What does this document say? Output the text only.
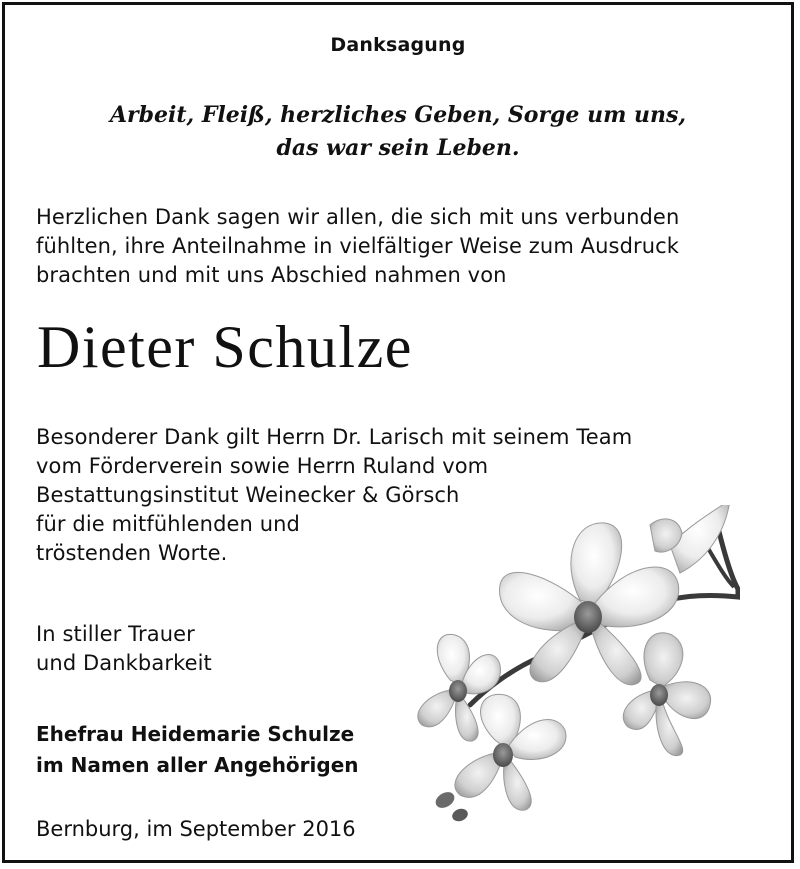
Danksagung
Arbeit, Fleiß, herzliches Geben, Sorge um uns,
das war sein Leben.
Herzlichen Dank sagen wir allen, die sich mit uns verbunden
fühlten, ihre Anteilnahme in vielfältiger Weise zum Ausdruck
brachten und mit uns Abschied nahmen von
Dieter Schulze
Besonderer Dank gilt Herrn Dr. Larisch mit seinem Team
vom Förderverein sowie Herrn Ruland vom
Bestattungsinstitut Weinecker & Görsch
für die mitfühlenden und
tröstenden Worte.
In stiller Trauer
und Dankbarkeit
Ehefrau Heidemarie Schulze
im Namen aller Angehörigen
Bernburg, im September 2016
